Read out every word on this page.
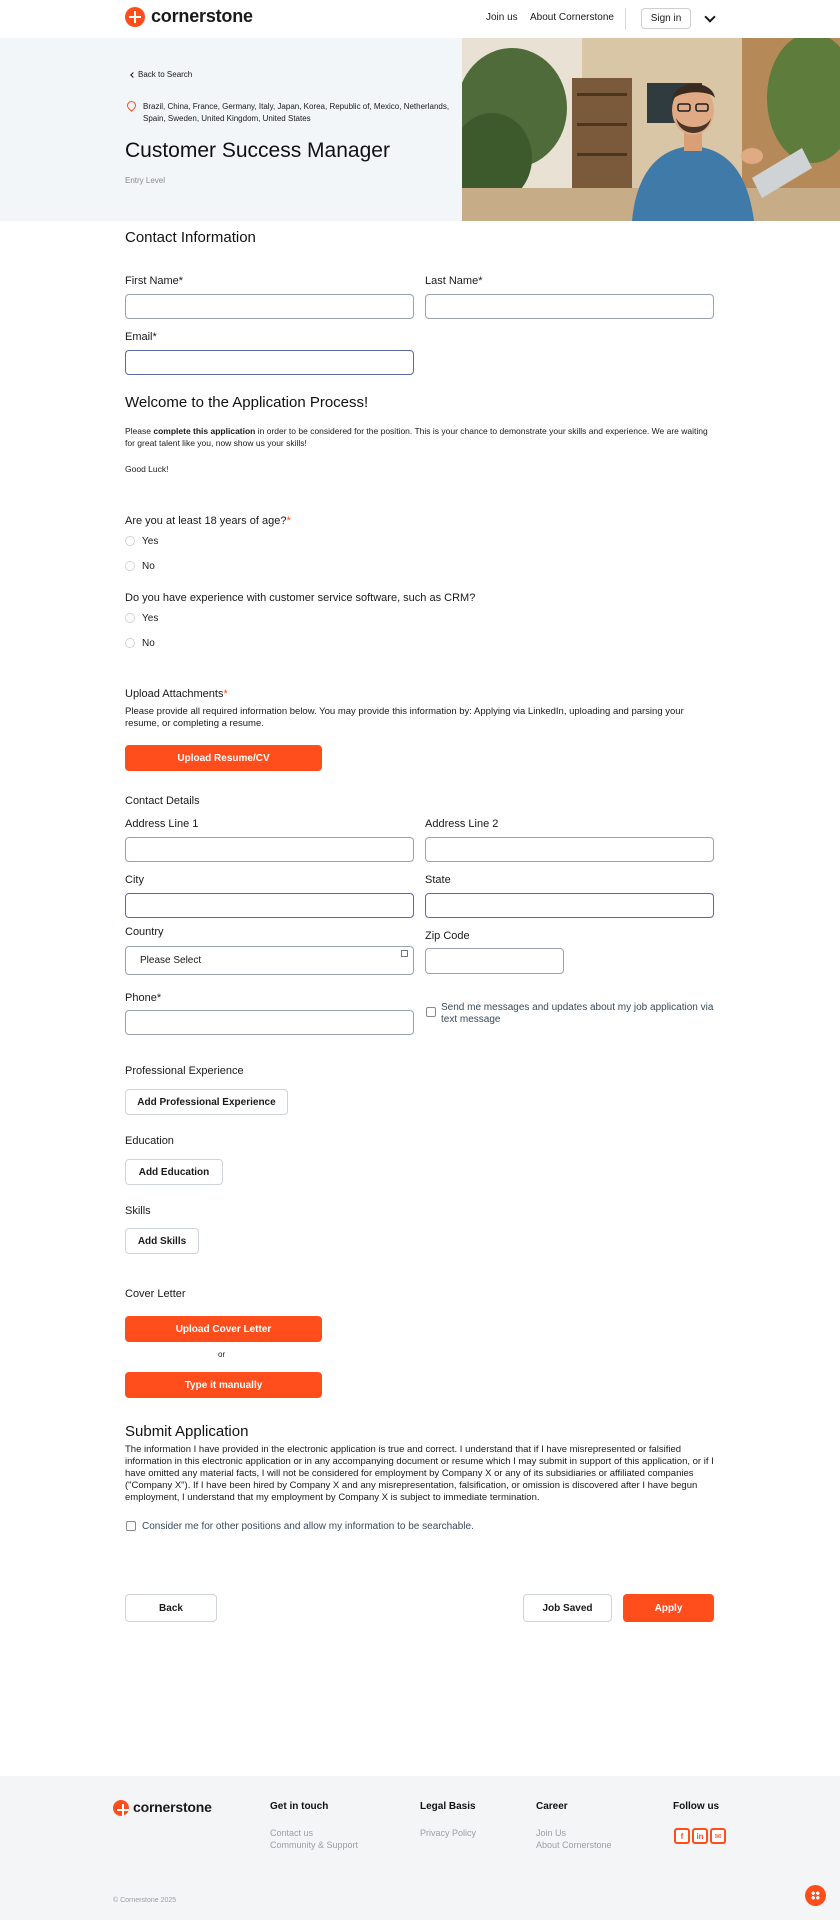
cornerstone	Join us About Cornerstone	Sign in
Back to Search
Brazil, China, France, Germany, Italy, Japan, Korea, Republic of, Mexico, Netherlands, Spain, Sweden, United Kingdom, United States
Customer Success Manager
Entry Level
Contact Information
First Name*	Last Name*
Email*
Welcome to the Application Process!
Please complete this application in order to be considered for the position. This is your chance to demonstrate your skills and experience. We are waiting for great talent like you, now show us your skills!
Good Luck!
Are you at least 18 years of age?*
Yes
No
Do you have experience with customer service software, such as CRM?
Yes
No
Upload Attachments*
Please provide all required information below. You may provide this information by: Applying via LinkedIn, uploading and parsing your resume, or completing a resume.
Upload Resume/CV
Contact Details
Address Line 1	Address Line 2
City	State
Country
Please Select
Zip Code
Phone*
Send me messages and updates about my job application via text message
Professional Experience
Add Professional Experience
Education
Add Education
Skills
Add Skills
Cover Letter
Upload Cover Letter
or
Type it manually
Submit Application
The information I have provided in the electronic application is true and correct. I understand that if I have misrepresented or falsified information in this electronic application or in any accompanying document or resume which I may submit in support of this application, or if I have omitted any material facts, I will not be considered for employment by Company X or any of its subsidiaries or affiliated companies ("Company X"). If I have been hired by Company X and any misrepresentation, falsification, or omission is discovered after I have begun employment, I understand that my employment by Company X is subject to immediate termination.
Consider me for other positions and allow my information to be searchable.
Back	Job Saved	Apply
cornerstone	Get in touch
Contact us
Community & Support
Legal Basis
Privacy Policy
Career
Join Us
About Cornerstone
Follow us
f	in	✉
© Cornerstone 2025
